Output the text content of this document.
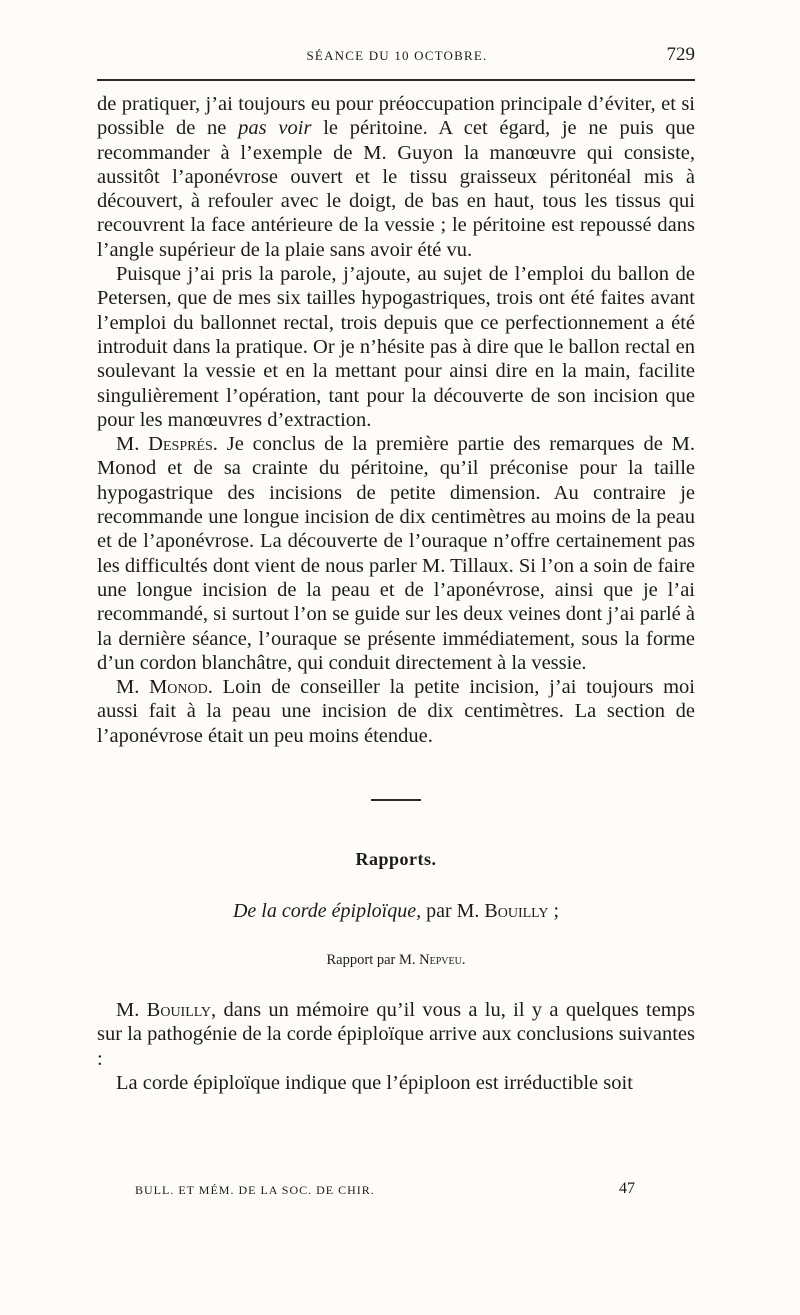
SÉANCE DU 10 OCTOBRE.	729

de pratiquer, j’ai toujours eu pour préoccupation principale d’éviter, et si possible de ne pas voir le péritoine. A cet égard, je ne puis que recommander à l’exemple de M. Guyon la manœuvre qui consiste, aussitôt l’aponévrose ouvert et le tissu graisseux péritonéal mis à découvert, à refouler avec le doigt, de bas en haut, tous les tissus qui recouvrent la face antérieure de la vessie ; le péritoine est repoussé dans l’angle supérieur de la plaie sans avoir été vu.

Puisque j’ai pris la parole, j’ajoute, au sujet de l’emploi du ballon de Petersen, que de mes six tailles hypogastriques, trois ont été faites avant l’emploi du ballonnet rectal, trois depuis que ce perfectionnement a été introduit dans la pratique. Or je n’hésite pas à dire que le ballon rectal en soulevant la vessie et en la mettant pour ainsi dire en la main, facilite singulièrement l’opération, tant pour la découverte de son incision que pour les manœuvres d’extraction.

M. Després. Je conclus de la première partie des remarques de M. Monod et de sa crainte du péritoine, qu’il préconise pour la taille hypogastrique des incisions de petite dimension. Au contraire je recommande une longue incision de dix centimètres au moins de la peau et de l’aponévrose. La découverte de l’ouraque n’offre certainement pas les difficultés dont vient de nous parler M. Tillaux. Si l’on a soin de faire une longue incision de la peau et de l’aponévrose, ainsi que je l’ai recommandé, si surtout l’on se guide sur les deux veines dont j’ai parlé à la dernière séance, l’ouraque se présente immédiatement, sous la forme d’un cordon blanchâtre, qui conduit directement à la vessie.

M. Monod. Loin de conseiller la petite incision, j’ai toujours moi aussi fait à la peau une incision de dix centimètres. La section de l’aponévrose était un peu moins étendue.

Rapports.
De la corde épiploïque, par M. Bouilly ;
Rapport par M. Nepveu.

M. Bouilly, dans un mémoire qu’il vous a lu, il y a quelques temps sur la pathogénie de la corde épiploïque arrive aux conclusions suivantes :

La corde épiploïque indique que l’épiploon est irréductible soit

BULL. ET MÉM. DE LA SOC. DE CHIR.	47
